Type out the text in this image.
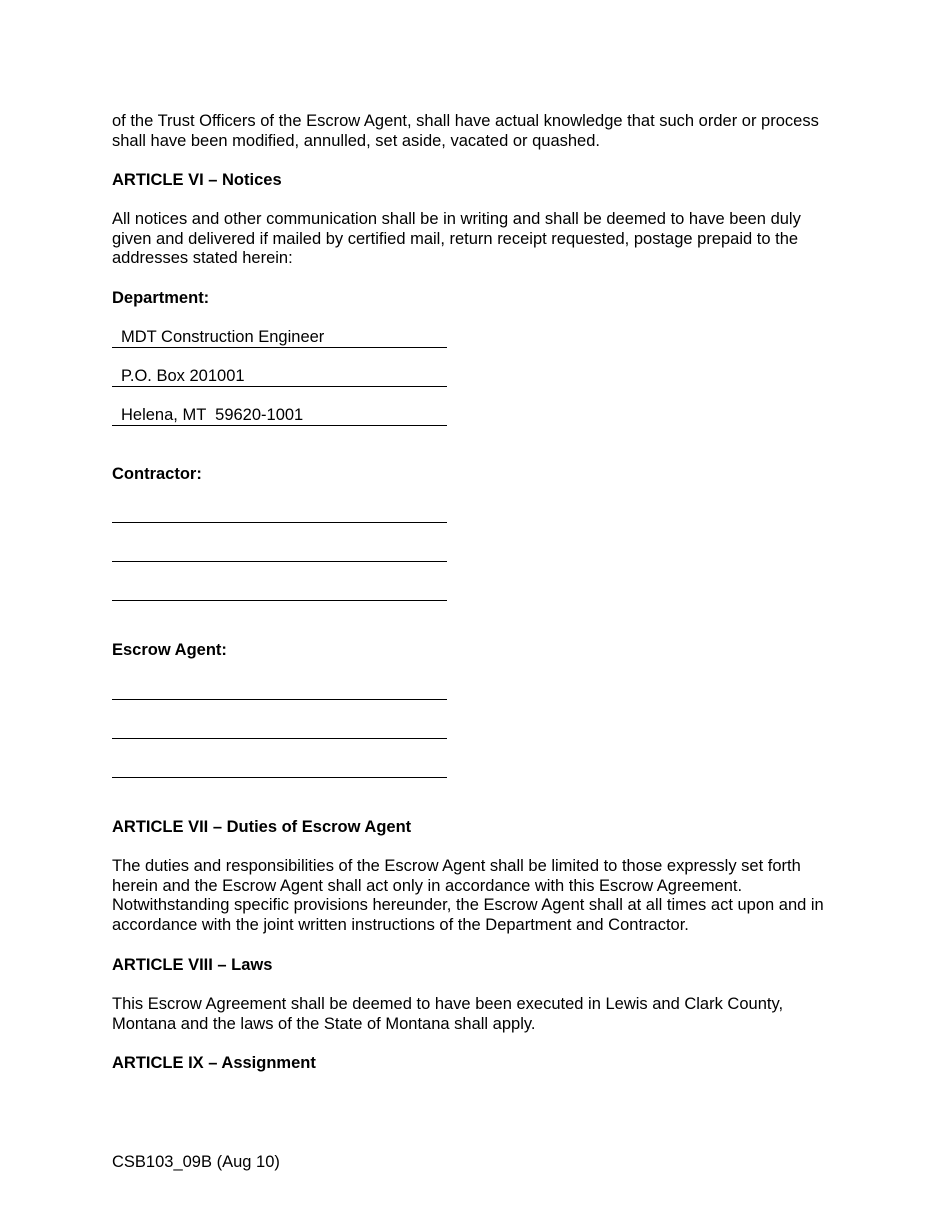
of the Trust Officers of the Escrow Agent, shall have actual knowledge that such order or process shall have been modified, annulled, set aside, vacated or quashed.

ARTICLE VI – Notices

All notices and other communication shall be in writing and shall be deemed to have been duly given and delivered if mailed by certified mail, return receipt requested, postage prepaid to the addresses stated herein:

Department:

MDT Construction Engineer
P.O. Box 201001
Helena, MT  59620-1001

Contractor:

Escrow Agent:

ARTICLE VII – Duties of Escrow Agent

The duties and responsibilities of the Escrow Agent shall be limited to those expressly set forth herein and the Escrow Agent shall act only in accordance with this Escrow Agreement. Notwithstanding specific provisions hereunder, the Escrow Agent shall at all times act upon and in accordance with the joint written instructions of the Department and Contractor.

ARTICLE VIII – Laws

This Escrow Agreement shall be deemed to have been executed in Lewis and Clark County, Montana and the laws of the State of Montana shall apply.

ARTICLE IX – Assignment

CSB103_09B (Aug 10)
